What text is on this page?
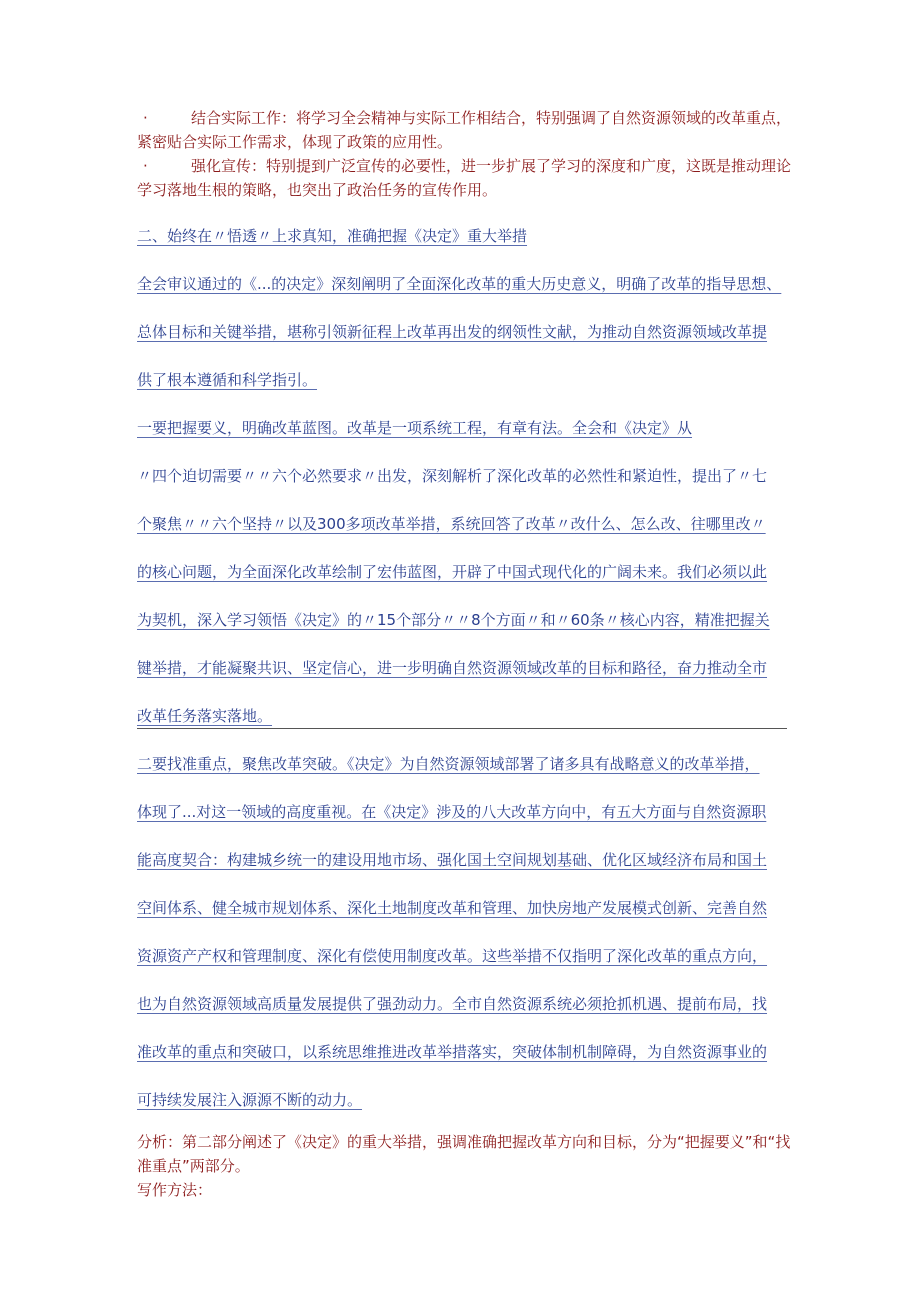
·	结合实际工作：将学习全会精神与实际工作相结合，特别强调了自然资源领域的改革重点，紧密贴合实际工作需求，体现了政策的应用性。
·	强化宣传：特别提到广泛宣传的必要性，进一步扩展了学习的深度和广度，这既是推动理论学习落地生根的策略，也突出了政治任务的宣传作用。
二、始终在〃悟透〃上求真知，准确把握《决定》重大举措
全会审议通过的《...的决定》深刻阐明了全面深化改革的重大历史意义，明确了改革的指导思想、
总体目标和关键举措，堪称引领新征程上改革再出发的纲领性文献，为推动自然资源领域改革提
供了根本遵循和科学指引。
一要把握要义，明确改革蓝图。改革是一项系统工程，有章有法。全会和《决定》从
〃四个迫切需要〃〃六个必然要求〃出发，深刻解析了深化改革的必然性和紧迫性，提出了〃七
个聚焦〃〃六个坚持〃以及300多项改革举措，系统回答了改革〃改什么、怎么改、往哪里改〃
的核心问题，为全面深化改革绘制了宏伟蓝图，开辟了中国式现代化的广阔未来。我们必须以此
为契机，深入学习领悟《决定》的〃15个部分〃〃8个方面〃和〃60条〃核心内容，精准把握关
键举措，才能凝聚共识、坚定信心，进一步明确自然资源领域改革的目标和路径，奋力推动全市
改革任务落实落地。
二要找准重点，聚焦改革突破。《决定》为自然资源领域部署了诸多具有战略意义的改革举措，
体现了...对这一领域的高度重视。在《决定》涉及的八大改革方向中，有五大方面与自然资源职
能高度契合：构建城乡统一的建设用地市场、强化国土空间规划基础、优化区域经济布局和国土
空间体系、健全城市规划体系、深化土地制度改革和管理、加快房地产发展模式创新、完善自然
资源资产产权和管理制度、深化有偿使用制度改革。这些举措不仅指明了深化改革的重点方向，
也为自然资源领域高质量发展提供了强劲动力。全市自然资源系统必须抢抓机遇、提前布局，找
准改革的重点和突破口，以系统思维推进改革举措落实，突破体制机制障碍，为自然资源事业的
可持续发展注入源源不断的动力。
分析：第二部分阐述了《决定》的重大举措，强调准确把握改革方向和目标，分为“把握要义”和“找准重点”两部分。
写作方法：
